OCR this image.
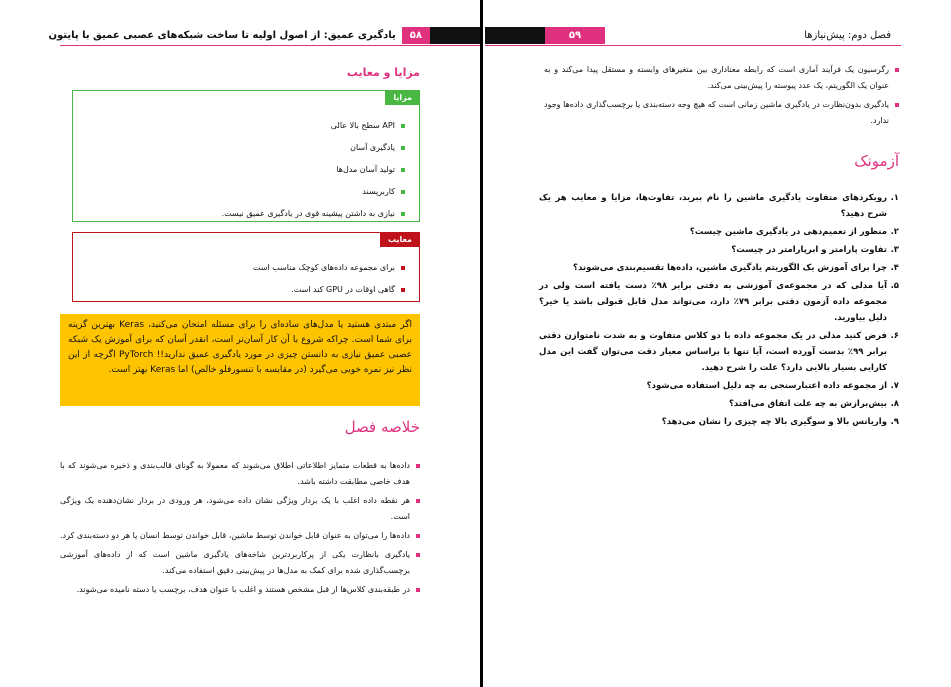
۵۸
یادگیری عمیق: از اصول اولیه تا ساخت شبکه‌های عصبی عمیق با پایتون
مزایا و معایب
مزایا
API سطح بالا عالی
یادگیری آسان
تولید آسان مدل‌ها
کاربرپسند
نیازی به داشتن پیشینه قوی در یادگیری عمیق نیست.
معایب
برای مجموعه داده‌های کوچک مناسب است
گاهی اوقات در GPU کند است.
اگر مبتدی هستید یا مدل‌های ساده‌ای را برای مسئله امتحان می‌کنید، Keras بهترین گزینه برای شما است. چراکه شروع با آن کار آسان‌تر است، انقدر آسان که برای آموزش یک شبکه عصبی عمیق نیازی به دانستن چیزی در مورد یادگیری عمیق ندارید!! PyTorch اگرچه از این نظر نیز نمره خوبی می‌گیرد (در مقایسه با تنسورفلو خالص) اما Keras بهتر است.
خلاصه فصل
داده‌ها به قطعات متمایز اطلاعاتی اطلاق می‌شوند که معمولا به گونای قالب‌بندی و ذخیره می‌شوند که با هدف خاصی مطابقت داشته باشد.
هر نقطه داده اغلب با یک بردار ویژگی نشان داده می‌شود، هر ورودی در بردار نشان‌دهنده یک ویژگی است.
داده‌ها را می‌توان به عنوان قابل خواندن توسط ماشین، قابل خواندن توسط انسان یا هر دو دسته‌بندی کرد.
یادگیری بانظارت یکی از پرکاربردترین شاخه‌های یادگیری ماشین است که از داده‌های آموزشی برچسب‌گذاری شده برای کمک به مدل‌ها در پیش‌بینی دقیق استفاده می‌کند.
در طبقه‌بندی کلاس‌ها از قبل مشخص هستند و اغلب با عنوان هدف، برچسب یا دسته نامیده می‌شوند.
فصل دوم: پیش‌نیازها
۵۹
رگرسیون یک فرآیند آماری است که رابطه معناداری بین متغیرهای وابسته و مستقل پیدا می‌کند و به عنوان یک الگوریتم، یک عدد پیوسته را پیش‌بینی می‌کند.
یادگیری بدون‌نظارت در یادگیری ماشین زمانی است که هیچ وجه دسته‌بندی یا برچسب‌گذاری داده‌ها وجود ندارد.
آزمونک
۱.
رویکردهای متفاوت یادگیری ماشین را نام ببرید، تفاوت‌ها، مزایا و معایب هر یک شرح دهید؟
۲.
منظور از تعمیم‌دهی در یادگیری ماشین چیست؟
۳.
تفاوت پارامتر و ابرپارامتر در چیست؟
۴.
چرا برای آموزش یک الگوریتم یادگیری ماشین، داده‌ها تقسیم‌بندی می‌شوند؟
۵.
آیا مدلی که در مجموعه‌ی آموزشی به دقتی برابر ۹۸٪ دست یافته است ولی در مجموعه داده آزمون دقتی برابر ۷۹٪ دارد، می‌تواند مدل قابل قبولی باشد یا خیر؟ دلیل بیاورید.
۶.
فرض کنید مدلی در یک مجموعه داده با دو کلاس متفاوت و به شدت نامتوازن دقتی برابر ۹۹٪ بدست آورده است، آیا تنها با براساس معیار دقت می‌توان گفت این مدل کارایی بسیار بالایی دارد؟ علت را شرح دهید.
۷.
از مجموعه داده اعتبارسنجی به چه دلیل استفاده می‌شود؟
۸.
بیش‌برازش به چه علت اتفاق می‌افتد؟
۹.
واریانس بالا و سوگیری بالا چه چیزی را نشان می‌دهد؟
